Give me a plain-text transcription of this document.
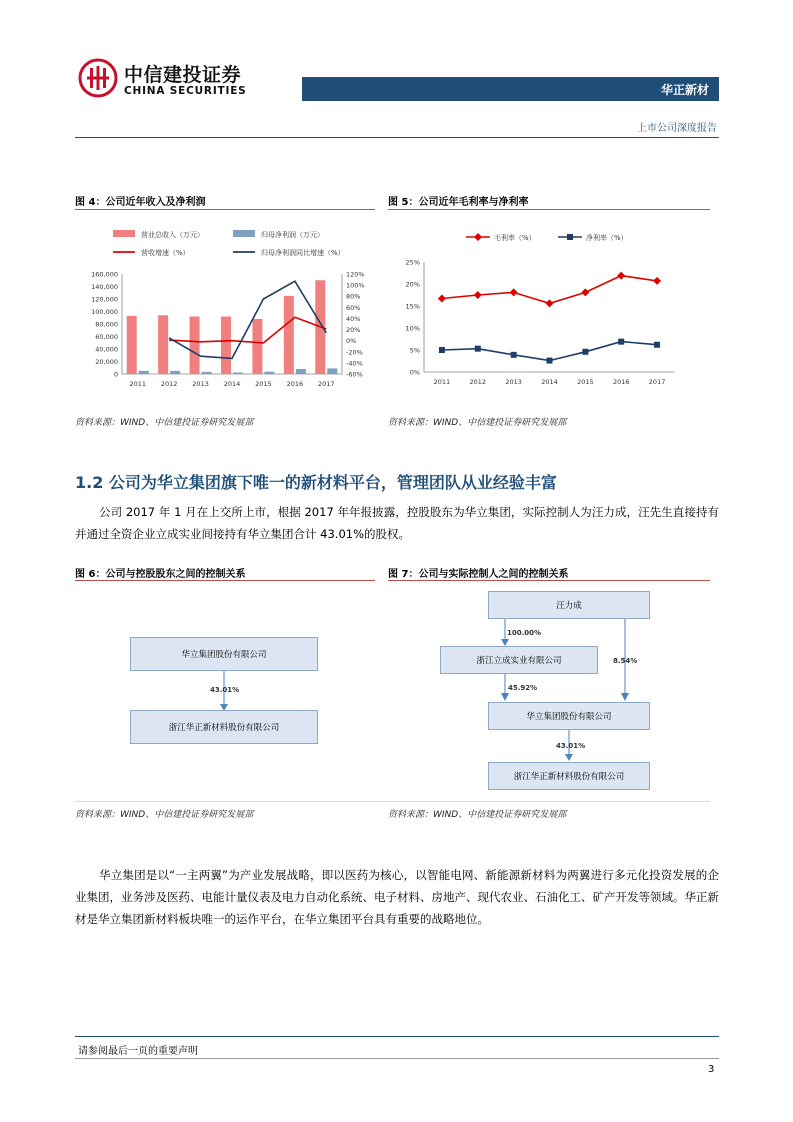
中信建投证券
CHINA SECURITIES	华正新材
上市公司深度报告
图 4：公司近年收入及净利润
营业总收入（万元）	归母净利润（万元）
营收增速（%）	归母净利润同比增速（%）
0
20,000
40,000
60,000
80,000
100,000
120,000
140,000
160,000
-60%
-40%
-20%
0%
20%
40%
60%
80%
100%
120%
2011 2012 2013 2014 2015 2016 2017
资料来源：WIND、中信建投证券研究发展部
图 5：公司近年毛利率与净利率
毛利率（%）	净利率（%）
0%
5%
10%
15%
20%
25%
2011	2012	2013	2014	2015	2016	2017
资料来源：WIND、中信建投证券研究发展部
1.2 公司为华立集团旗下唯一的新材料平台，管理团队从业经验丰富
公司 2017 年 1 月在上交所上市，根据 2017 年年报披露，控股股东为华立集团，实际控制人为汪力成，汪先生直接持有并通过全资企业立成实业间接持有华立集团合计 43.01%的股权。
图 6：公司与控股股东之间的控制关系
华立集团股份有限公司
43.01%
浙江华正新材料股份有限公司
资料来源：WIND、中信建投证券研究发展部
图 7：公司与实际控制人之间的控制关系
汪力成
浙江立成实业有限公司
华立集团股份有限公司
浙江华正新材料股份有限公司
100.00%
8.54%
45.92%
43.01%
资料来源：WIND、中信建投证券研究发展部
华立集团是以“一主两翼”为产业发展战略，即以医药为核心，以智能电网、新能源新材料为两翼进行多元化投资发展的企业集团，业务涉及医药、电能计量仪表及电力自动化系统、电子材料、房地产、现代农业、石油化工、矿产开发等领域。华正新材是华立集团新材料板块唯一的运作平台，在华立集团平台具有重要的战略地位。
请参阅最后一页的重要声明
3
